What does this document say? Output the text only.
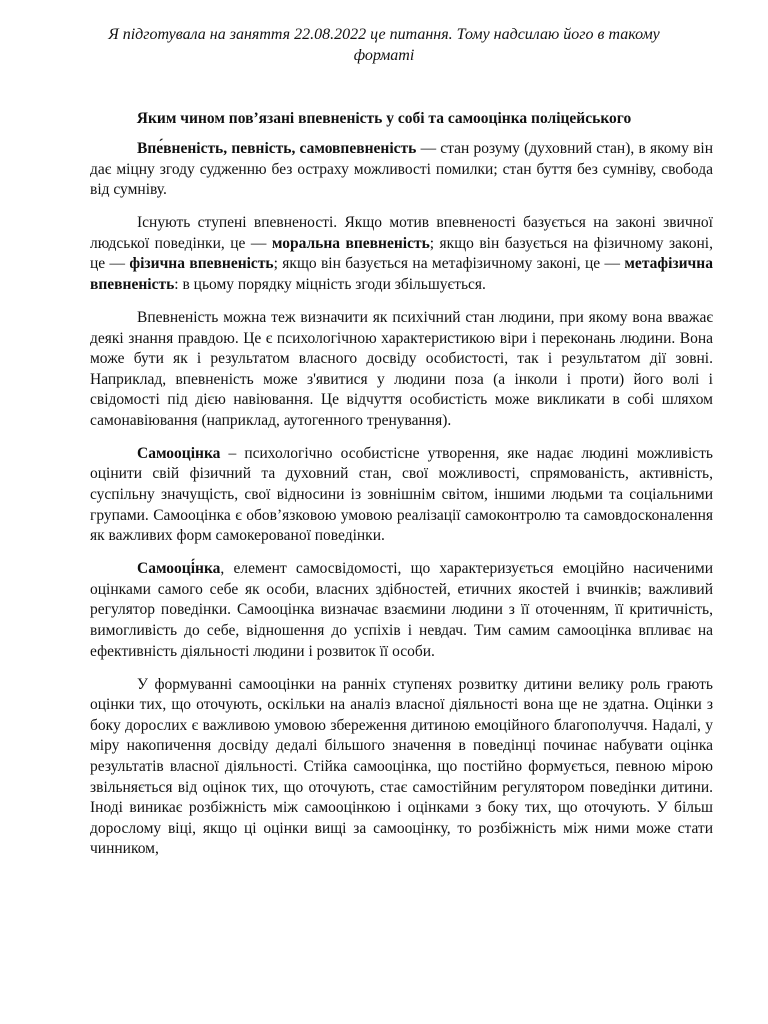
Я підготувала на заняття 22.08.2022 це питання. Тому надсилаю його в такому форматі
Яким чином пов’язані впевненість у собі та самооцінка поліцейського

Впе́вненість, певність, самовпевненість — стан розуму (духовний стан), в якому він дає міцну згоду судженню без остраху можливості помилки; стан буття без сумніву, свобода від сумніву.

Існують ступені впевненості. Якщо мотив впевненості базується на законі звичної людської поведінки, це — моральна впевненість; якщо він базується на фізичному законі, це — фізична впевненість; якщо він базується на метафізичному законі, це — метафізична впевненість: в цьому порядку міцність згоди збільшується.

Впевненість можна теж визначити як психічний стан людини, при якому вона вважає деякі знання правдою. Це є психологічною характеристикою віри і переконань людини. Вона може бути як і результатом власного досвіду особистості, так і результатом дії зовні. Наприклад, впевненість може з'явитися у людини поза (а інколи і проти) його волі і свідомості під дією навіювання. Це відчуття особистість може викликати в собі шляхом самонавіювання (наприклад, аутогенного тренування).

Самооцінка – психологічно особистісне утворення, яке надає людині можливість оцінити свій фізичний та духовний стан, свої можливості, спрямованість, активність, суспільну значущість, свої відносини із зовнішнім світом, іншими людьми та соціальними групами. Самооцінка є обов’язковою умовою реалізації самоконтролю та самовдосконалення як важливих форм самокерованої поведінки.

Самооці́нка, елемент самосвідомості, що характеризується емоційно насиченими оцінками самого себе як особи, власних здібностей, етичних якостей і вчинків; важливий регулятор поведінки. Самооцінка визначає взаємини людини з її оточенням, її критичність, вимогливість до себе, відношення до успіхів і невдач. Тим самим самооцінка впливає на ефективність діяльності людини і розвиток її особи.

У формуванні самооцінки на ранніх ступенях розвитку дитини велику роль грають оцінки тих, що оточують, оскільки на аналіз власної діяльності вона ще не здатна. Оцінки з боку дорослих є важливою умовою збереження дитиною емоційного благополуччя. Надалі, у міру накопичення досвіду дедалі більшого значення в поведінці починає набувати оцінка результатів власної діяльності. Стійка самооцінка, що постійно формується, певною мірою звільняється від оцінок тих, що оточують, стає самостійним регулятором поведінки дитини. Іноді виникає розбіжність між самооцінкою і оцінками з боку тих, що оточують. У більш дорослому віці, якщо ці оцінки вищі за самооцінку, то розбіжність між ними може стати чинником,
